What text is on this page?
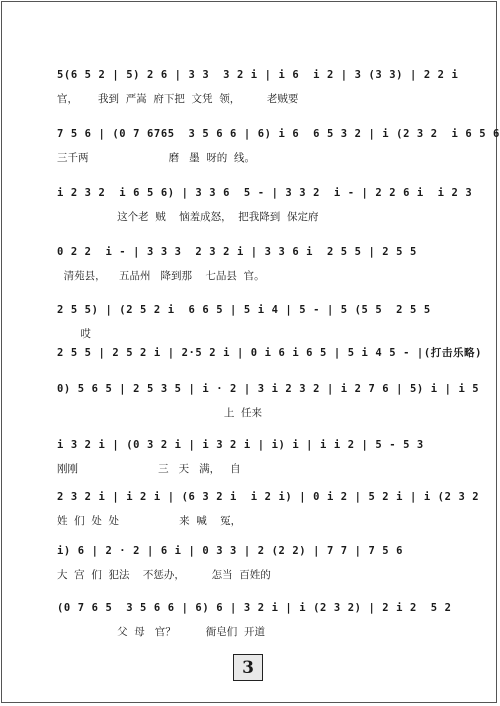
5(6 5 2 | 5) 2 6 | 3 3  3 2 i | i 6  i 2 | 3 (3 3) | 2 2 i
官，      我到  严嵩  府下把  文凭  领，        老贼要
7 5 6 | (0 7 6765  3 5 6 6 | 6) i 6  6 5 3 2 | i (2 3 2  i 6 5 6
三千两                        磨   墨  呀的  线。
i 2 3 2  i 6 5 6) | 3 3 6  5 - | 3 3 2  i - | 2 2 6 i  i 2 3
这个老  贼    恼羞成怒，  把我降到  保定府
0 2 2  i - | 3 3 3  2 3 2 i | 3 3 6 i  2 5 5 | 2 5 5
清苑县，    五品州   降到那    七品县  官。
2 5 5) | (2 5 2 i  6 6 5 | 5 i 4 | 5 - | 5 (5 5  2 5 5
哎
2 5 5 | 2 5 2 i | 2·5 2 i | 0 i 6 i 6 5 | 5 i 4 5 - |(打击乐略)
0) 5 6 5 | 2 5 3 5 | i · 2 | 3 i 2 3 2 | i 2 7 6 | 5) i | i 5
上  任来
i 3 2 i | (0 3 2 i | i 3 2 i | i) i | i i 2 | 5 - 5 3
刚刚                        三   天   满，   自
2 3 2 i | i 2 i | (6 3 2 i  i 2 i) | 0 i 2 | 5 2 i | i (2 3 2
姓  们  处  处                  来  喊    冤，
i) 6 | 2 · 2 | 6 i | 0 3 3 | 2 (2 2) | 7 7 | 7 5 6
大  宫  们  犯法    不惩办，        怎当  百姓的
(0 7 6 5  3 5 6 6 | 6) 6 | 3 2 i | i (2 3 2) | 2 i 2  5 2
父  母   官？         衙皂们  开道
3
